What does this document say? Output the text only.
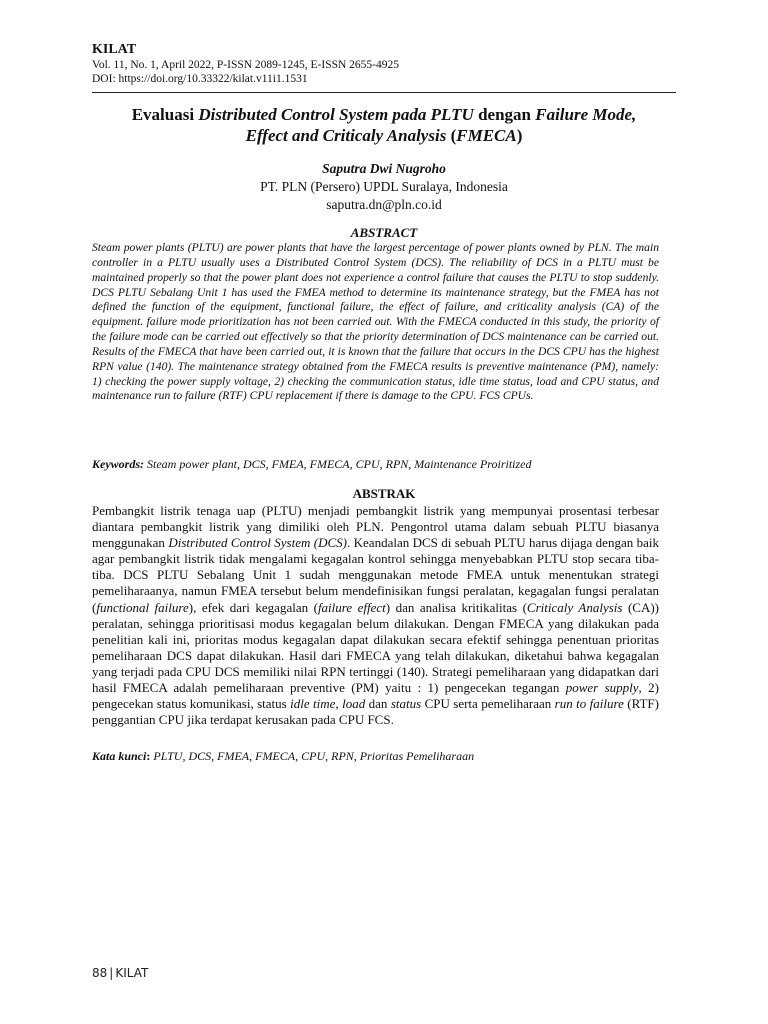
KILAT
Vol. 11, No. 1, April 2022, P-ISSN 2089-1245, E-ISSN 2655-4925
DOI: https://doi.org/10.33322/kilat.v11i1.1531
Evaluasi Distributed Control System pada PLTU dengan Failure Mode,
Effect and Criticaly Analysis (FMECA)
Saputra Dwi Nugroho
PT. PLN (Persero) UPDL Suralaya, Indonesia
saputra.dn@pln.co.id
ABSTRACT
Steam power plants (PLTU) are power plants that have the largest percentage of power plants owned by PLN. The main controller in a PLTU usually uses a Distributed Control System (DCS). The reliability of DCS in a PLTU must be maintained properly so that the power plant does not experience a control failure that causes the PLTU to stop suddenly. DCS PLTU Sebalang Unit 1 has used the FMEA method to determine its maintenance strategy, but the FMEA has not defined the function of the equipment, functional failure, the effect of failure, and criticality analysis (CA) of the equipment. failure mode prioritization has not been carried out. With the FMECA conducted in this study, the priority of the failure mode can be carried out effectively so that the priority determination of DCS maintenance can be carried out. Results of the FMECA that have been carried out, it is known that the failure that occurs in the DCS CPU has the highest RPN value (140). The maintenance strategy obtained from the FMECA results is preventive maintenance (PM), namely: 1) checking the power supply voltage, 2) checking the communication status, idle time status, load and CPU status, and maintenance run to failure (RTF) CPU replacement if there is damage to the CPU. FCS CPUs.
Keywords: Steam power plant, DCS, FMEA, FMECA, CPU, RPN, Maintenance Proiritized
ABSTRAK
Pembangkit listrik tenaga uap (PLTU) menjadi pembangkit listrik yang mempunyai prosentasi terbesar diantara pembangkit listrik yang dimiliki oleh PLN. Pengontrol utama dalam sebuah PLTU biasanya menggunakan Distributed Control System (DCS). Keandalan DCS di sebuah PLTU harus dijaga dengan baik agar pembangkit listrik tidak mengalami kegagalan kontrol sehingga menyebabkan PLTU stop secara tiba-tiba. DCS PLTU Sebalang Unit 1 sudah menggunakan metode FMEA untuk menentukan strategi pemeliharaanya, namun FMEA tersebut belum mendefinisikan fungsi peralatan, kegagalan fungsi peralatan (functional failure), efek dari kegagalan (failure effect) dan analisa kritikalitas (Criticaly Analysis (CA)) peralatan, sehingga prioritisasi modus kegagalan belum dilakukan. Dengan FMECA yang dilakukan pada penelitian kali ini, prioritas modus kegagalan dapat dilakukan secara efektif sehingga penentuan prioritas pemeliharaan DCS dapat dilakukan. Hasil dari FMECA yang telah dilakukan, diketahui bahwa kegagalan yang terjadi pada CPU DCS memiliki nilai RPN tertinggi (140). Strategi pemeliharaan yang didapatkan dari hasil FMECA adalah pemeliharaan preventive (PM) yaitu : 1) pengecekan tegangan power supply, 2) pengecekan status komunikasi, status idle time, load dan status CPU serta pemeliharaan run to failure (RTF) penggantian CPU jika terdapat kerusakan pada CPU FCS.
Kata kunci: PLTU, DCS, FMEA, FMECA, CPU, RPN, Prioritas Pemeliharaan
88 | KILAT
